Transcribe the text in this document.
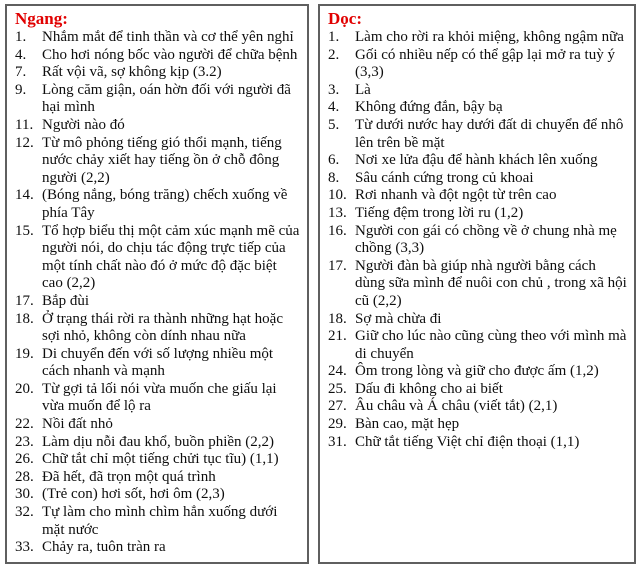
Ngang:
1. Nhắm mắt để tinh thần và cơ thể yên nghỉ
4. Cho hơi nóng bốc vào người để chữa bệnh
7. Rất vội vã, sợ không kịp (3.2)
9. Lòng căm giận, oán hờn đối với người đã hại mình
11. Người nào đó
12. Từ mô phỏng tiếng gió thổi mạnh, tiếng nước chảy xiết hay tiếng ồn ở chỗ đông người (2,2)
14. (Bóng nắng, bóng trăng) chếch xuống về phía Tây
15. Tổ hợp biểu thị một cảm xúc mạnh mẽ của người nói, do chịu tác động trực tiếp của một tính chất nào đó ở mức độ đặc biệt cao (2,2)
17. Bắp đùi
18. Ở trạng thái rời ra thành những hạt hoặc sợi nhỏ, không còn dính nhau nữa
19. Di chuyển đến với số lượng nhiều một cách nhanh và mạnh
20. Từ gợi tả lối nói vừa muốn che giấu lại vừa muốn để lộ ra
22. Nồi đất nhỏ
23. Làm dịu nỗi đau khổ, buồn phiền (2,2)
26. Chữ tắt chỉ một tiếng chửi tục tĩu) (1,1)
28. Đã hết, đã trọn một quá trình
30. (Trẻ con) hơi sốt, hơi ôm (2,3)
32. Tự làm cho mình chìm hẳn xuống dưới mặt nước
33. Chảy ra, tuôn tràn ra
Dọc:
1. Làm cho rời ra khỏi miệng, không ngậm nữa
2. Gối có nhiều nếp có thể gập lại mở ra tuỳ ý (3,3)
3. Là
4. Không đứng đắn, bậy bạ
5. Từ dưới nước hay dưới đất di chuyển để nhô lên trên bề mặt
6. Nơi xe lửa đậu để hành khách lên xuống
8. Sâu cánh cứng trong củ khoai
10. Rơi nhanh và đột ngột từ trên cao
13. Tiếng đệm trong lời ru (1,2)
16. Người con gái có chồng về ở chung nhà mẹ chồng (3,3)
17. Người đàn bà giúp nhà người bằng cách dùng sữa mình để nuôi con chủ , trong xã hội cũ (2,2)
18. Sợ mà chừa đi
21. Giữ cho lúc nào cũng cùng theo với mình mà di chuyển
24. Ôm trong lòng và giữ cho được ấm (1,2)
25. Dấu đi không cho ai biết
27. Âu châu và Á châu (viết tắt) (2,1)
29. Bàn cao, mặt hẹp
31. Chữ tắt tiếng Việt chỉ điện thoại (1,1)
